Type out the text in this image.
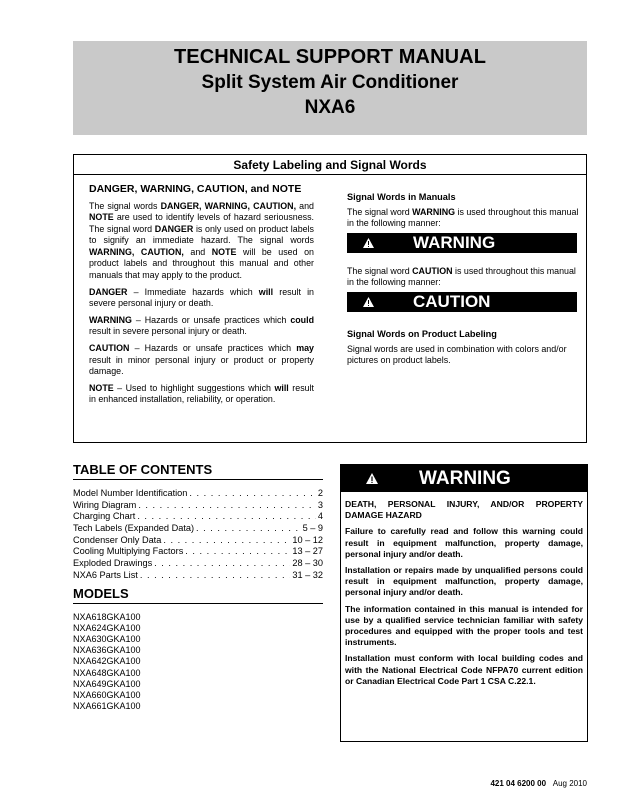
TECHNICAL SUPPORT MANUAL
Split System Air Conditioner
NXA6
Safety Labeling and Signal Words
DANGER, WARNING, CAUTION, and NOTE

The signal words DANGER, WARNING, CAUTION, and NOTE are used to identify levels of hazard seriousness. The signal word DANGER is only used on product labels to signify an immediate hazard. The signal words WARNING, CAUTION, and NOTE will be used on product labels and throughout this manual and other manuals that may apply to the product.

DANGER – Immediate hazards which will result in severe personal injury or death.

WARNING – Hazards or unsafe practices which could result in severe personal injury or death.

CAUTION – Hazards or unsafe practices which may result in minor personal injury or product or property damage.

NOTE – Used to highlight suggestions which will result in enhanced installation, reliability, or operation.

Signal Words in Manuals

The signal word WARNING is used throughout this manual in the following manner:

WARNING

The signal word CAUTION is used throughout this manual in the following manner:

CAUTION
Signal Words on Product Labeling

Signal words are used in combination with colors and/or pictures on product labels.

TABLE OF CONTENTS
Model Number Identification . . .	2
Wiring Diagram . . .	3
Charging Chart . . .	4
Tech Labels (Expanded Data) . . .	5 – 9
Condenser Only Data . . .	10 – 12
Cooling Multiplying Factors . . .	13 – 27
Exploded Drawings . . .	28 – 30
NXA6 Parts List . . .	31 – 32
MODELS
NXA618GKA100
NXA624GKA100
NXA630GKA100
NXA636GKA100
NXA642GKA100
NXA648GKA100
NXA649GKA100
NXA660GKA100
NXA661GKA100
WARNING

DEATH, PERSONAL INJURY, AND/OR PROPERTY DAMAGE HAZARD

Failure to carefully read and follow this warning could result in equipment malfunction, property damage, personal injury and/or death.

Installation or repairs made by unqualified persons could result in equipment malfunction, property damage, personal injury and/or death.

The information contained in this manual is intended for use by a qualified service technician familiar with safety procedures and equipped with the proper tools and test instruments.

Installation must conform with local building codes and with the National Electrical Code NFPA70 current edition or Canadian Electrical Code Part 1 CSA C.22.1.

421 04 6200 00 Aug 2010
